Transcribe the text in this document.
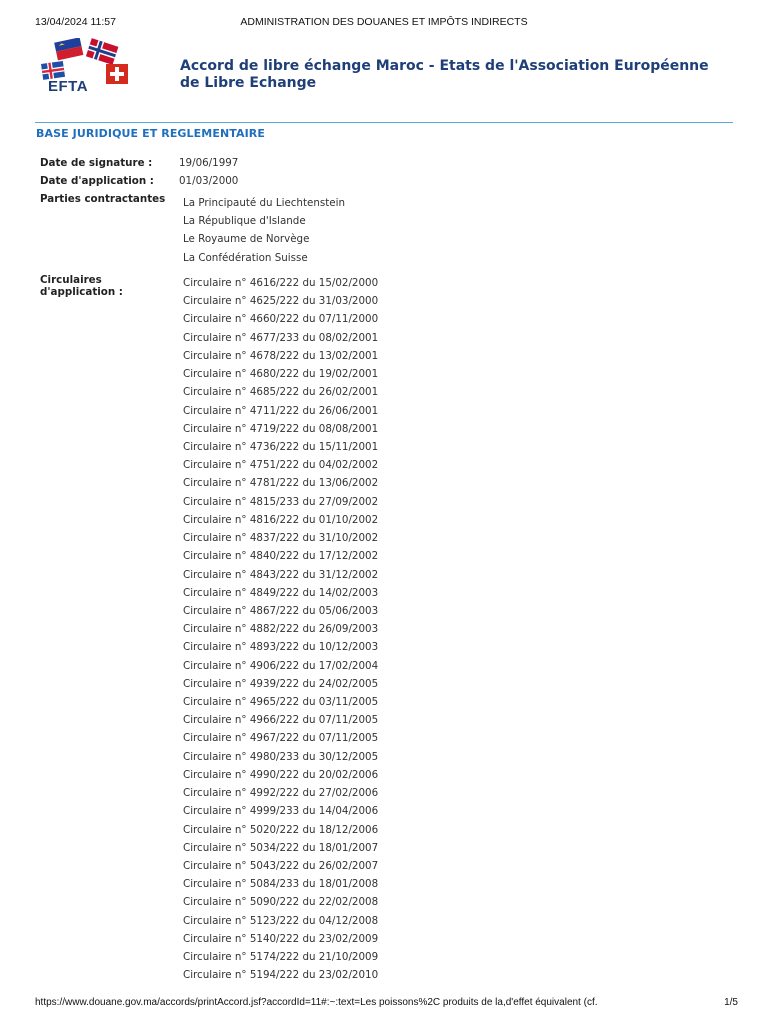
13/04/2024 11:57	ADMINISTRATION DES DOUANES ET IMPÔTS INDIRECTS
EFTA
Accord de libre échange Maroc - Etats de l'Association Européenne de Libre Echange
BASE JURIDIQUE ET REGLEMENTAIRE
Date de signature :	19/06/1997
Date d'application : 01/03/2000
Parties contractantes La Principauté du Liechtenstein
La République d'Islande
Le Royaume de Norvège
La Confédération Suisse
Circulaires d'application :
Circulaire n° 4616/222 du 15/02/2000
Circulaire n° 4625/222 du 31/03/2000
Circulaire n° 4660/222 du 07/11/2000
Circulaire n° 4677/233 du 08/02/2001
Circulaire n° 4678/222 du 13/02/2001
Circulaire n° 4680/222 du 19/02/2001
Circulaire n° 4685/222 du 26/02/2001
Circulaire n° 4711/222 du 26/06/2001
Circulaire n° 4719/222 du 08/08/2001
Circulaire n° 4736/222 du 15/11/2001
Circulaire n° 4751/222 du 04/02/2002
Circulaire n° 4781/222 du 13/06/2002
Circulaire n° 4815/233 du 27/09/2002
Circulaire n° 4816/222 du 01/10/2002
Circulaire n° 4837/222 du 31/10/2002
Circulaire n° 4840/222 du 17/12/2002
Circulaire n° 4843/222 du 31/12/2002
Circulaire n° 4849/222 du 14/02/2003
Circulaire n° 4867/222 du 05/06/2003
Circulaire n° 4882/222 du 26/09/2003
Circulaire n° 4893/222 du 10/12/2003
Circulaire n° 4906/222 du 17/02/2004
Circulaire n° 4939/222 du 24/02/2005
Circulaire n° 4965/222 du 03/11/2005
Circulaire n° 4966/222 du 07/11/2005
Circulaire n° 4967/222 du 07/11/2005
Circulaire n° 4980/233 du 30/12/2005
Circulaire n° 4990/222 du 20/02/2006
Circulaire n° 4992/222 du 27/02/2006
Circulaire n° 4999/233 du 14/04/2006
Circulaire n° 5020/222 du 18/12/2006
Circulaire n° 5034/222 du 18/01/2007
Circulaire n° 5043/222 du 26/02/2007
Circulaire n° 5084/233 du 18/01/2008
Circulaire n° 5090/222 du 22/02/2008
Circulaire n° 5123/222 du 04/12/2008
Circulaire n° 5140/222 du 23/02/2009
Circulaire n° 5174/222 du 21/10/2009
Circulaire n° 5194/222 du 23/02/2010
https://www.douane.gov.ma/accords/printAccord.jsf?accordId=11#:~:text=Les poissons%2C produits de la,d'effet équivalent (cf.	1/5
